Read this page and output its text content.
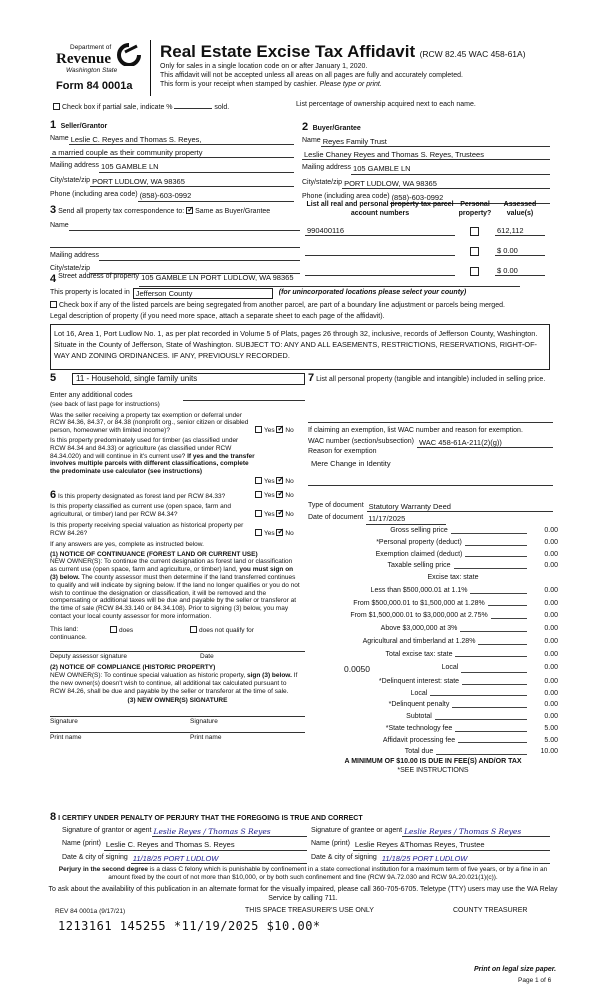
Department of
Revenue
Washington State
Form 84 0001a
Real Estate Excise Tax Affidavit (RCW 82.45 WAC 458-61A)
Only for sales in a single location code on or after January 1, 2020.
This affidavit will not be accepted unless all areas on all pages are fully and accurately completed.
This form is your receipt when stamped by cashier. Please type or print.
Check box if partial sale, indicate %	sold.	List percentage of ownership acquired next to each name.
1 Seller/Grantor
Name Leslie C. Reyes and Thomas S. Reyes,
a married couple as their community property
Mailing address 105 GAMBLE LN
City/state/zip PORT LUDLOW, WA 98365
Phone (including area code) (858)-603-0992
2 Buyer/Grantee
Name Reyes Family Trust
Leslie Chaney Reyes and Thomas S. Reyes, Trustees
Mailing address 105 GAMBLE LN
City/state/zip PORT LUDLOW, WA 98365
Phone (including area code) (858)-603-0992
3 Send all property tax correspondence to: ✓ Same as Buyer/Grantee
Name
Mailing address
City/state/zip
List all real and personal property tax parcel account numbers
Personal property?
Assessed value(s)
990400116	612,112
$ 0.00
$ 0.00
4 Street address of property 105 GAMBLE LN PORT LUDLOW, WA 98365
This property is located in Jefferson County	(for unincorporated locations please select your county)
Check box if any of the listed parcels are being segregated from another parcel, are part of a boundary line adjustment or parcels being merged.
Legal description of property (if you need more space, attach a separate sheet to each page of the affidavit).
Lot 16, Area 1, Port Ludlow No. 1, as per plat recorded in Volume 5 of Plats, pages 26 through 32, inclusive, records of Jefferson County, Washington. Situate in the County of Jefferson, State of Washington. SUBJECT TO: ANY AND ALL EASEMENTS, RESTRICTIONS, RESERVATIONS, RIGHT-OF-WAY AND ZONING ORDINANCES. IF ANY, PREVIOUSLY RECORDED.
5	11 - Household, single family units
Enter any additional codes
(see back of last page for instructions)
Was the seller receiving a property tax exemption or deferral under RCW 84.36, 84.37, or 84.38 (nonprofit org., senior citizen or disabled person, homeowner with limited income)?	Yes ✓ No
Is this property predominately used for timber (as classified under RCW 84.34 and 84.33) or agriculture (as classified under RCW 84.34.020) and will continue in it's current use? If yes and the transfer involves multiple parcels with different classifications, complete the predominate use calculator (see instructions)
Yes ✓ No
6 Is this property designated as forest land per RCW 84.33?	Yes ✓ No
Is this property classified as current use (open space, farm and agricultural, or timber) land per RCW 84.34?	Yes ✓ No
Is this property receiving special valuation as historical property per RCW 84.26?	Yes ✓ No
If any answers are yes, complete as instructed below.
(1) NOTICE OF CONTINUANCE (FOREST LAND OR CURRENT USE)
NEW OWNER(S): To continue the current designation as forest land or classification as current use (open space, farm and agriculture, or timber) land, you must sign on (3) below. The county assessor must then determine if the land transferred continues to qualify and will indicate by signing below. If the land no longer qualifies or you do not wish to continue the designation or classification, it will be removed and the compensating or additional taxes will be due and payable by the seller or transferor at the time of sale (RCW 84.33.140 or 84.34.108). Prior to signing (3) below, you may contact your local county assessor for more information.
This land:
continuance.
does	does not qualify for
Deputy assessor signature	Date
(2) NOTICE OF COMPLIANCE (HISTORIC PROPERTY)
NEW OWNER(S): To continue special valuation as historic property, sign (3) below. If the new owner(s) doesn't wish to continue, all additional tax calculated pursuant to RCW 84.26, shall be due and payable by the seller or transferor at the time of sale.
(3) NEW OWNER(S) SIGNATURE
Signature	Signature
Print name	Print name
7 List all personal property (tangible and intangible) included in selling price.
If claiming an exemption, list WAC number and reason for exemption.
WAC number (section/subsection) WAC 458-61A-211(2)(g))
Reason for exemption
Mere Change in Identity
Type of document Statutory Warranty Deed
Date of document 11/17/2025
Gross selling price	0.00
*Personal property (deduct)	0.00
Exemption claimed (deduct)	0.00
Taxable selling price	0.00
Excise tax: state
Less than $500,000.01 at 1.1%	0.00
From $500,000.01 to $1,500,000 at 1.28%	0.00
From $1,500,000.01 to $3,000,000 at 2.75%	0.00
Above $3,000,000 at 3%	0.00
Agricultural and timberland at 1.28%	0.00
Total excise tax: state	0.00
0.0050	Local	0.00
*Delinquent interest: state	0.00
Local	0.00
*Delinquent penalty	0.00
Subtotal	0.00
*State technology fee	5.00
Affidavit processing fee	5.00
Total due	10.00
A MINIMUM OF $10.00 IS DUE IN FEE(S) AND/OR TAX
*SEE INSTRUCTIONS
8 I CERTIFY UNDER PENALTY OF PERJURY THAT THE FOREGOING IS TRUE AND CORRECT
Signature of grantor or agent Leslie Reyes / Thomas S Reyes	Signature of grantee or agent Leslie Reyes / Thomas S Reyes
Name (print) Leslie C. Reyes and Thomas S. Reyes	Name (print) Leslie Reyes &Thomas Reyes, Trustee
Date & city of signing 11/18/25 PORT LUDLOW	Date & city of signing 11/18/25 PORT LUDLOW
Perjury in the second degree is a class C felony which is punishable by confinement in a state correctional institution for a maximum term of five years, or by a fine in an amount fixed by the court of not more than $10,000, or by both such confinement and fine (RCW 9A.72.030 and RCW 9A.20.021(1)(c)).
To ask about the availability of this publication in an alternate format for the visually impaired, please call 360-705-6705. Teletype (TTY) users may use the WA Relay Service by calling 711.
REV 84 0001a (9/17/21)	THIS SPACE TREASURER'S USE ONLY	COUNTY TREASURER
1213161 145255 *11/19/2025 $10.00*
Print on legal size paper.
Page 1 of 6
